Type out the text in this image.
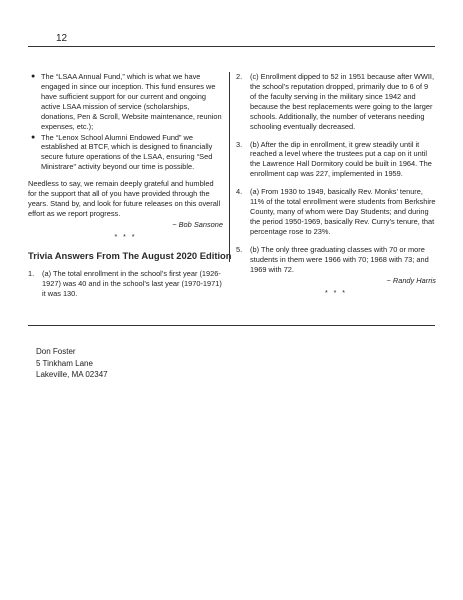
12
● The “LSAA Annual Fund,” which is what we have engaged in since our inception. This fund ensures we have sufficient support for our current and ongoing active LSAA mission of service (scholarships, donations, Pen & Scroll, Website maintenance, reunion expenses, etc.);
● The “Lenox School Alumni Endowed Fund” we established at BTCF, which is designed to financially secure future operations of the LSAA, ensuring “Sed Ministrare” activity beyond our time is possible.

Needless to say, we remain deeply grateful and humbled for the support that all of you have provided through the years. Stand by, and look for future releases on this overall effort as we report progress.

~ Bob Sansone
* * *
Trivia Answers From The August 2020 Edition
1. (a) The total enrollment in the school’s first year (1926-1927) was 40 and in the school’s last year (1970-1971) it was 130.
2. (c) Enrollment dipped to 52 in 1951 because after WWII, the school’s reputation dropped, primarily due to 6 of 9 of the faculty serving in the military since 1942 and because the best replacements were going to the larger schools. Additionally, the number of veterans needing schooling eventually decreased.
3. (b) After the dip in enrollment, it grew steadily until it reached a level where the trustees put a cap on it until the Lawrence Hall Dormitory could be built in 1964. The enrollment cap was 227, implemented in 1959.
4. (a) From 1930 to 1949, basically Rev. Monks’ tenure, 11% of the total enrollment were students from Berkshire County, many of whom were Day Students; and during the period 1950-1969, basically Rev. Curry’s tenure, that percentage rose to 23%.
5. (b) The only three graduating classes with 70 or more students in them were 1966 with 70; 1968 with 73; and 1969 with 72.
~ Randy Harris
* * *
Don Foster
5 Tinkham Lane
Lakeville, MA 02347
